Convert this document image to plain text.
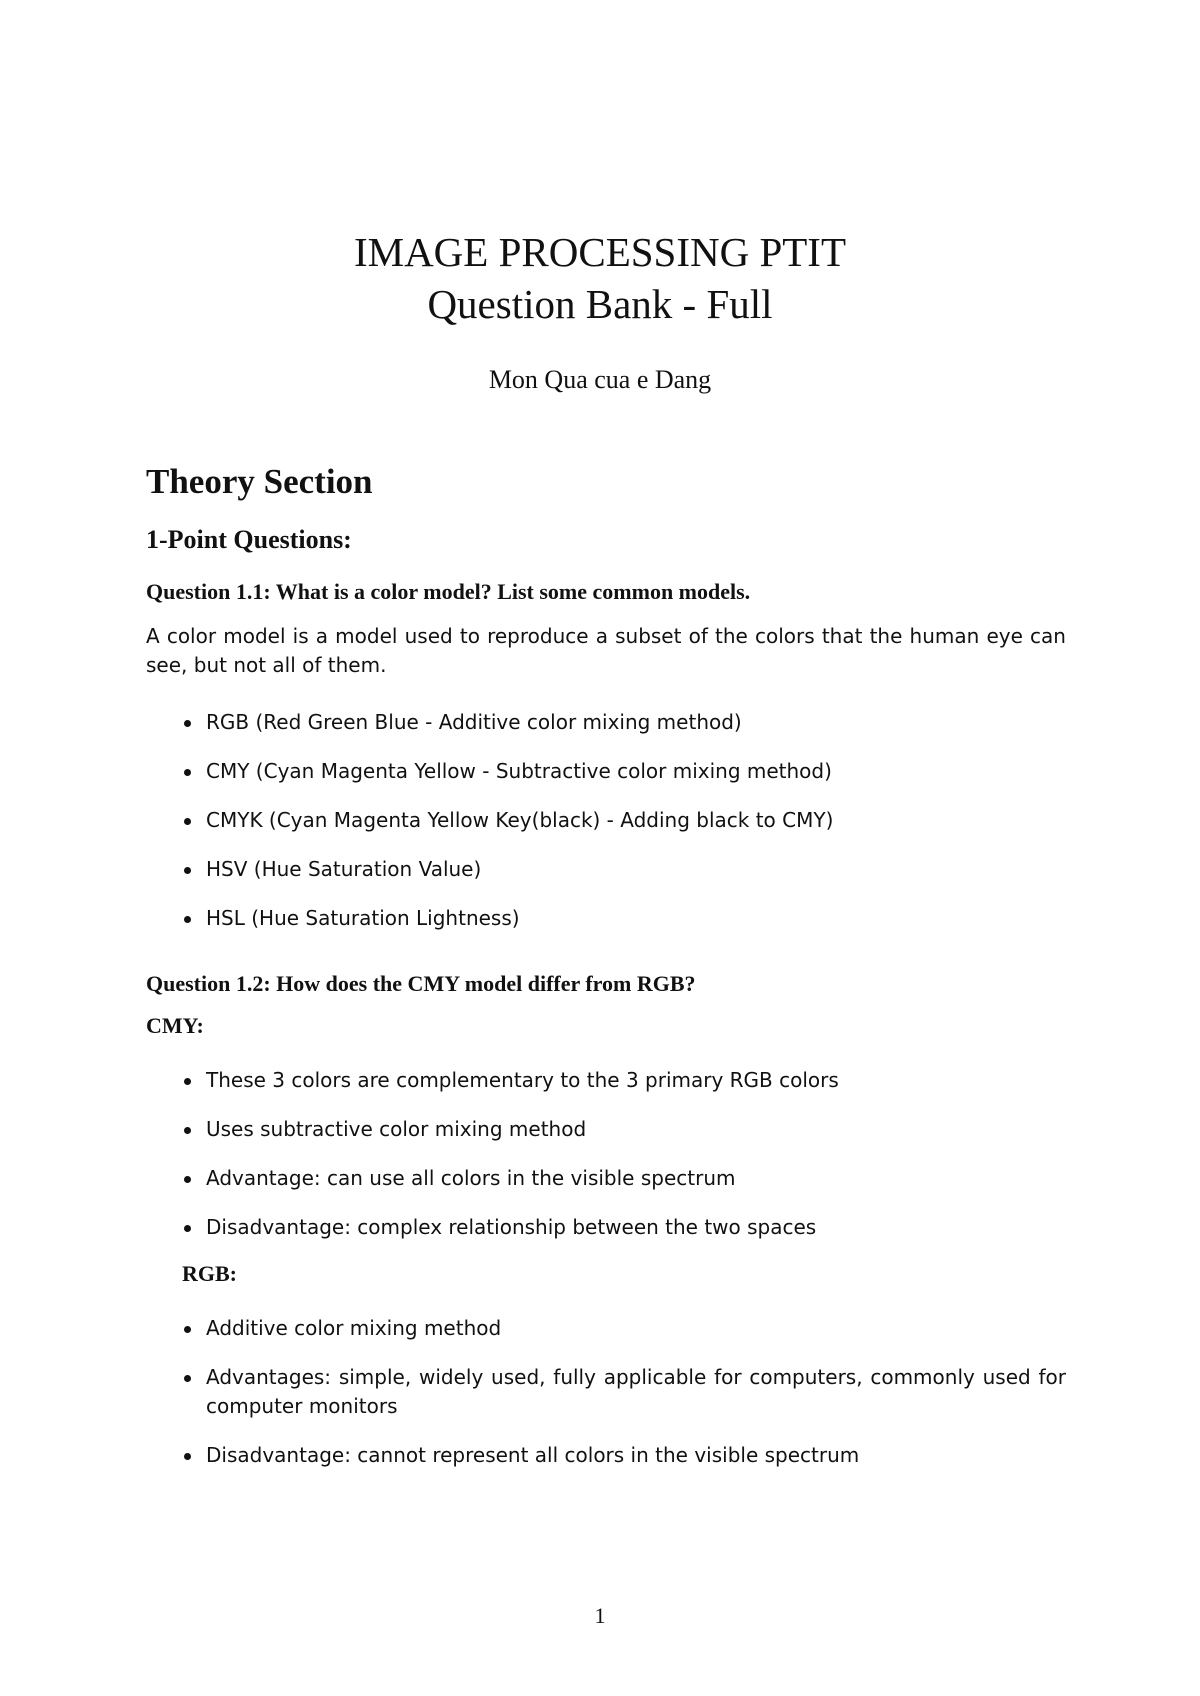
IMAGE PROCESSING PTIT
Question Bank - Full
Mon Qua cua e Dang
Theory Section
1-Point Questions:
Question 1.1: What is a color model? List some common models.

A color model is a model used to reproduce a subset of the colors that the human eye can see, but not all of them.

RGB (Red Green Blue - Additive color mixing method)
CMY (Cyan Magenta Yellow - Subtractive color mixing method)
CMYK (Cyan Magenta Yellow Key(black) - Adding black to CMY)
HSV (Hue Saturation Value)
HSL (Hue Saturation Lightness)
Question 1.2: How does the CMY model differ from RGB?
CMY:
These 3 colors are complementary to the 3 primary RGB colors
Uses subtractive color mixing method
Advantage: can use all colors in the visible spectrum
Disadvantage: complex relationship between the two spaces
RGB:
Additive color mixing method
Advantages: simple, widely used, fully applicable for computers, commonly used for computer monitors
Disadvantage: cannot represent all colors in the visible spectrum
1
